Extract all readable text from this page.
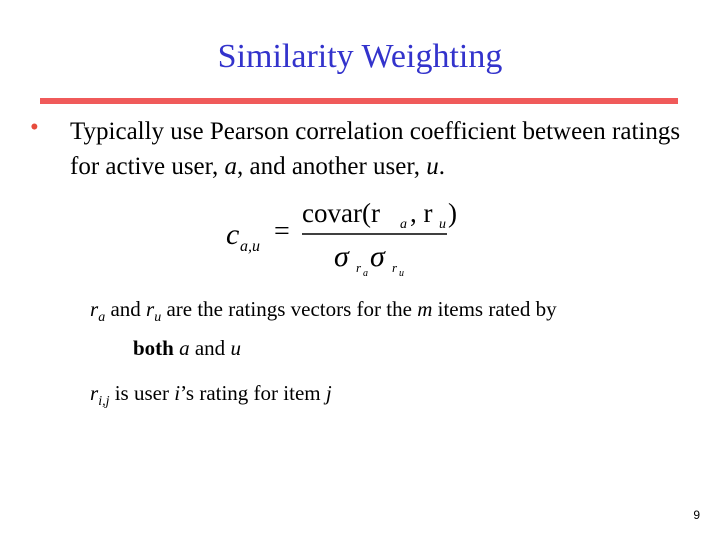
Similarity Weighting
• Typically use Pearson correlation coefficient between ratings for active user, a, and another user, u.
c a,u =
covar(r a , r u )
σ r a
σ r u
$r_a$ and $r_u$ are the ratings vectors for the m items rated by
both a and u
$r_{i,j}$ is user i’s rating for item j
9
